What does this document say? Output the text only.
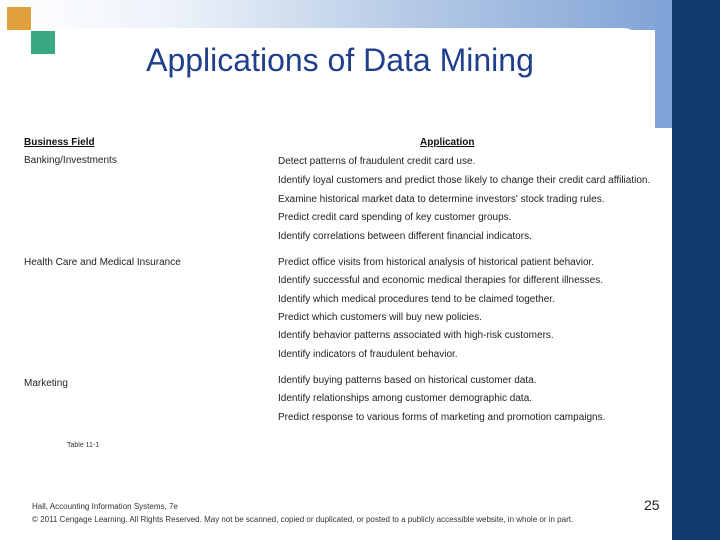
Applications of Data Mining
Business Field	Application
Banking/Investments	Detect patterns of fraudulent credit card use.
Identify loyal customers and predict those likely to change their credit card affiliation.
Examine historical market data to determine investors' stock trading rules.
Predict credit card spending of key customer groups.
Identify correlations between different financial indicators.
Health Care and Medical Insurance	Predict office visits from historical analysis of historical patient behavior.
Identify successful and economic medical therapies for different illnesses.
Identify which medical procedures tend to be claimed together.
Predict which customers will buy new policies.
Identify behavior patterns associated with high-risk customers.
Identify indicators of fraudulent behavior.
Marketing	Identify buying patterns based on historical customer data.
Identify relationships among customer demographic data.
Predict response to various forms of marketing and promotion campaigns.
Table 11-1
Hall, Accounting Information Systems, 7e
© 2011 Cengage Learning. All Rights Reserved. May not be scanned, copied or duplicated, or posted to a publicly accessible website, in whole or in part.
25
